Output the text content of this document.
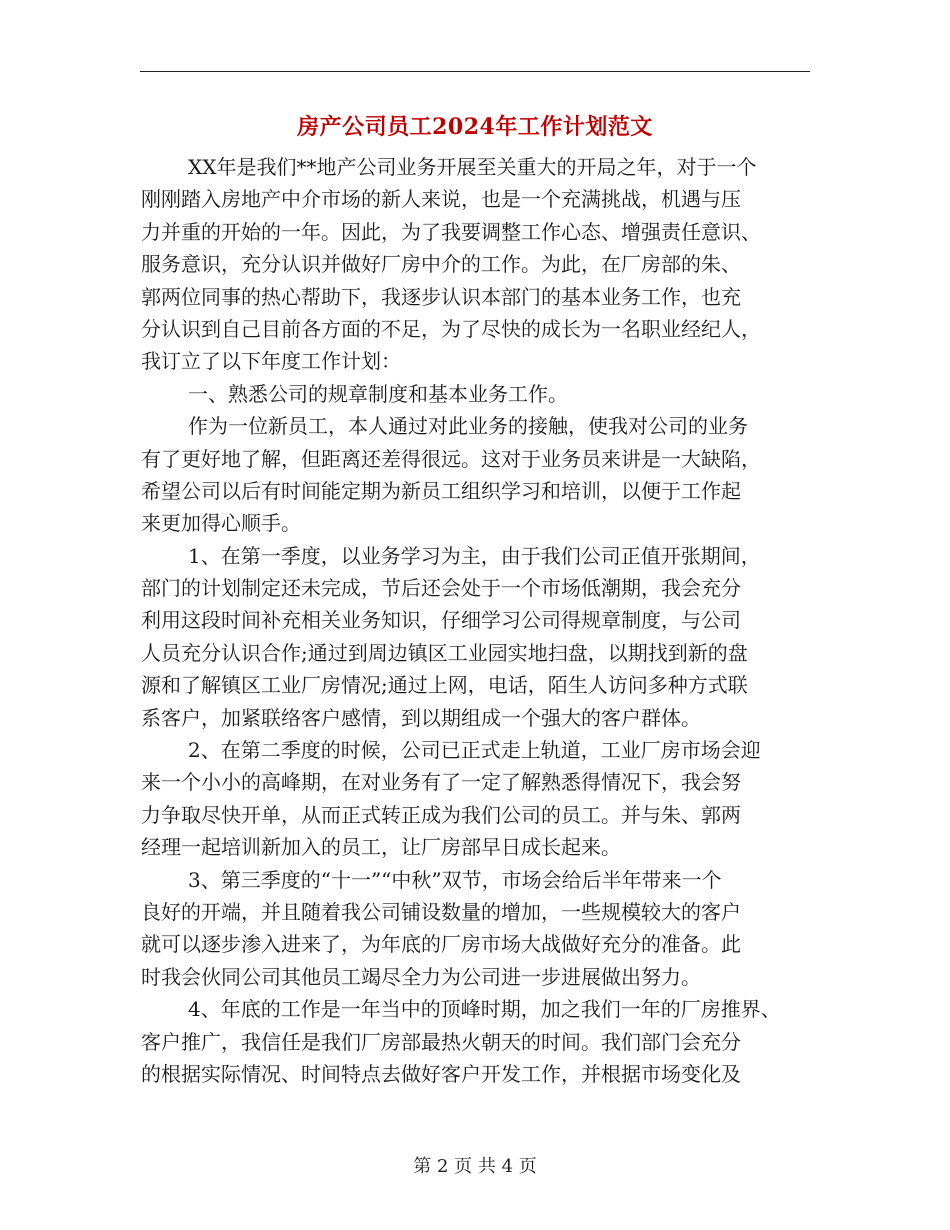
房产公司员工2024年工作计划范文
XX年是我们**地产公司业务开展至关重大的开局之年，对于一个
刚刚踏入房地产中介市场的新人来说，也是一个充满挑战，机遇与压
力并重的开始的一年。因此，为了我要调整工作心态、增强责任意识、
服务意识，充分认识并做好厂房中介的工作。为此，在厂房部的朱、
郭两位同事的热心帮助下，我逐步认识本部门的基本业务工作，也充
分认识到自己目前各方面的不足，为了尽快的成长为一名职业经纪人，
我订立了以下年度工作计划：
一、熟悉公司的规章制度和基本业务工作。
作为一位新员工，本人通过对此业务的接触，使我对公司的业务
有了更好地了解，但距离还差得很远。这对于业务员来讲是一大缺陷，
希望公司以后有时间能定期为新员工组织学习和培训，以便于工作起
来更加得心顺手。
1、在第一季度，以业务学习为主，由于我们公司正值开张期间，
部门的计划制定还未完成，节后还会处于一个市场低潮期，我会充分
利用这段时间补充相关业务知识，仔细学习公司得规章制度，与公司
人员充分认识合作;通过到周边镇区工业园实地扫盘，以期找到新的盘
源和了解镇区工业厂房情况;通过上网，电话，陌生人访问多种方式联
系客户，加紧联络客户感情，到以期组成一个强大的客户群体。
2、在第二季度的时候，公司已正式走上轨道，工业厂房市场会迎
来一个小小的高峰期，在对业务有了一定了解熟悉得情况下，我会努
力争取尽快开单，从而正式转正成为我们公司的员工。并与朱、郭两
经理一起培训新加入的员工，让厂房部早日成长起来。
3、第三季度的“十一”“中秋”双节，市场会给后半年带来一个
良好的开端，并且随着我公司铺设数量的增加，一些规模较大的客户
就可以逐步渗入进来了，为年底的厂房市场大战做好充分的准备。此
时我会伙同公司其他员工竭尽全力为公司进一步进展做出努力。
4、年底的工作是一年当中的顶峰时期，加之我们一年的厂房推界、
客户推广，我信任是我们厂房部最热火朝天的时间。我们部门会充分
的根据实际情况、时间特点去做好客户开发工作，并根据市场变化及
第 2 页 共 4 页
